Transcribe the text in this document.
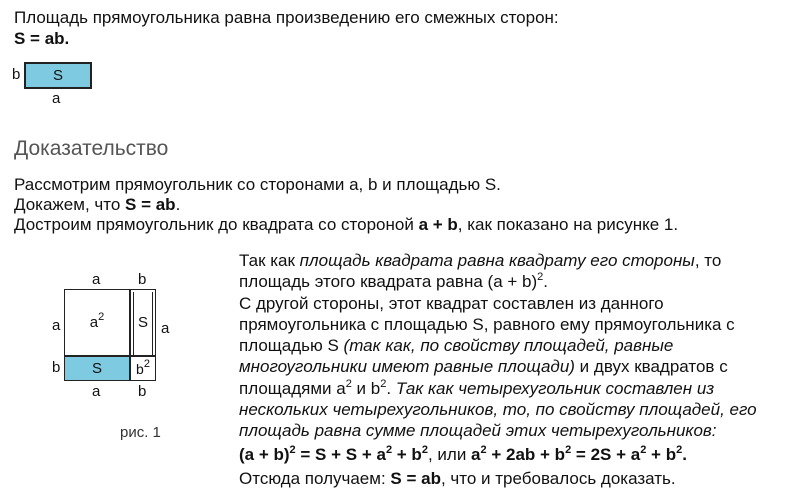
Площадь прямоугольника равна произведению его смежных сторон:
S = ab.
b S
a
Доказательство
Рассмотрим прямоугольник со сторонами a, b и площадью S.
Докажем, что S = ab.
Достроим прямоугольник до квадрата со стороной a + b, как показано на рисунке 1.
a	b
a
b
a
a	b
$a^2$ S
S $b^2$
рис. 1
Так как площадь квадрата равна квадрату его стороны, то
площадь этого квадрата равна $(a + b)^2$.
С другой стороны, этот квадрат составлен из данного
прямоугольника с площадью S, равного ему прямоугольника с
площадью S (так как, по свойству площадей, равные
многоугольники имеют равные площади) и двух квадратов с
площадями $a^2$ и $b^2$. Так как четырехугольник составлен из
нескольких четырехугольников, то, по свойству площадей, его
площадь равна сумме площадей этих четырехугольников:
$(a + b)^2 = S + S + a^2 + b^2$, или $a^2 + 2ab + b^2 = 2S + a^2 + b^2$.
Отсюда получаем: S = ab, что и требовалось доказать.
